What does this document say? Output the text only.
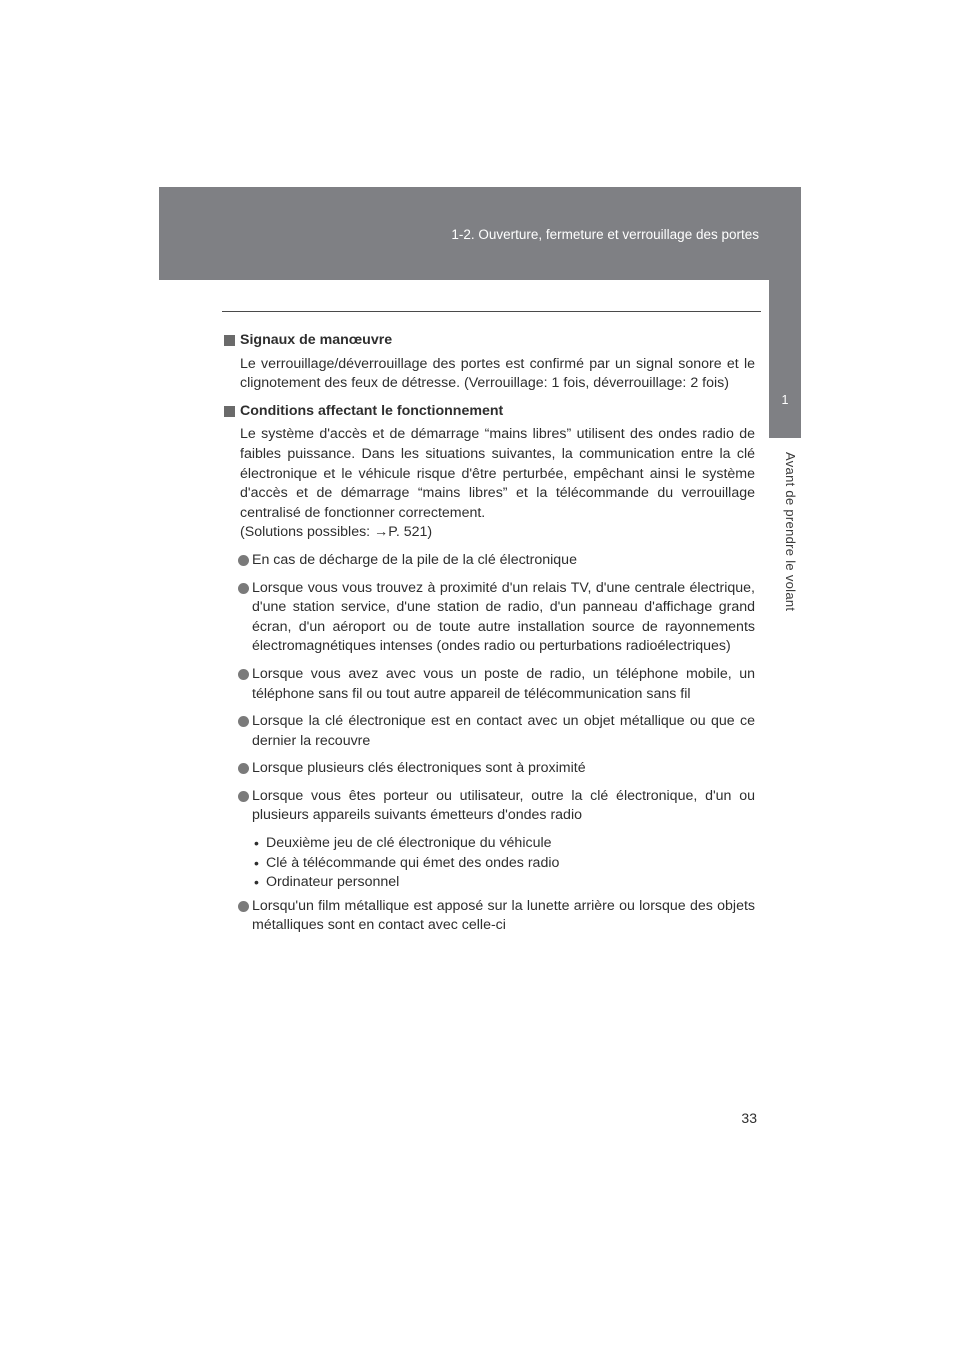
1-2. Ouverture, fermeture et verrouillage des portes
1
Avant de prendre le volant
Signaux de manœuvre
Le verrouillage/déverrouillage des portes est confirmé par un signal sonore et le clignotement des feux de détresse. (Verrouillage: 1 fois, déverrouillage: 2 fois)
Conditions affectant le fonctionnement
Le système d'accès et de démarrage “mains libres” utilisent des ondes radio de faibles puissance. Dans les situations suivantes, la communication entre la clé électronique et le véhicule risque d'être perturbée, empêchant ainsi le système d'accès et de démarrage “mains libres” et la télécommande du verrouillage centralisé de fonctionner correctement.
(Solutions possibles: →P. 521)
En cas de décharge de la pile de la clé électronique
Lorsque vous vous trouvez à proximité d'un relais TV, d'une centrale électrique, d'une station service, d'une station de radio, d'un panneau d'affichage grand écran, d'un aéroport ou de toute autre installation source de rayonnements électromagnétiques intenses (ondes radio ou perturbations radioélectriques)
Lorsque vous avez avec vous un poste de radio, un téléphone mobile, un téléphone sans fil ou tout autre appareil de télécommunication sans fil
Lorsque la clé électronique est en contact avec un objet métallique ou que ce dernier la recouvre
Lorsque plusieurs clés électroniques sont à proximité
Lorsque vous êtes porteur ou utilisateur, outre la clé électronique, d'un ou plusieurs appareils suivants émetteurs d'ondes radio
• Deuxième jeu de clé électronique du véhicule
• Clé à télécommande qui émet des ondes radio
• Ordinateur personnel
Lorsqu'un film métallique est apposé sur la lunette arrière ou lorsque des objets métalliques sont en contact avec celle-ci
33
